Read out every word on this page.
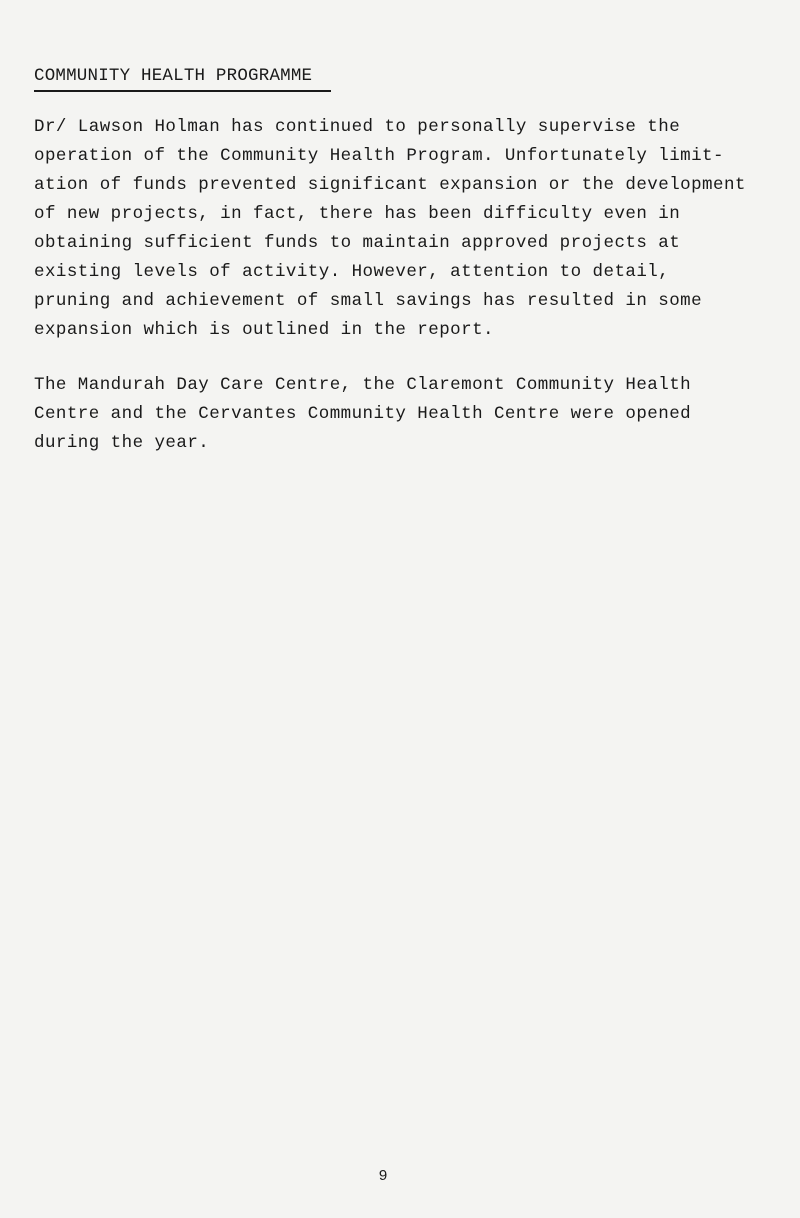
COMMUNITY HEALTH PROGRAMME

Dr/ Lawson Holman has continued to personally supervise the
operation of the Community Health Program. Unfortunately limit-
ation of funds prevented significant expansion or the development
of new projects, in fact, there has been difficulty even in
obtaining sufficient funds to maintain approved projects at
existing levels of activity. However, attention to detail,
pruning and achievement of small savings has resulted in some
expansion which is outlined in the report.

The Mandurah Day Care Centre, the Claremont Community Health
Centre and the Cervantes Community Health Centre were opened
during the year.

9
